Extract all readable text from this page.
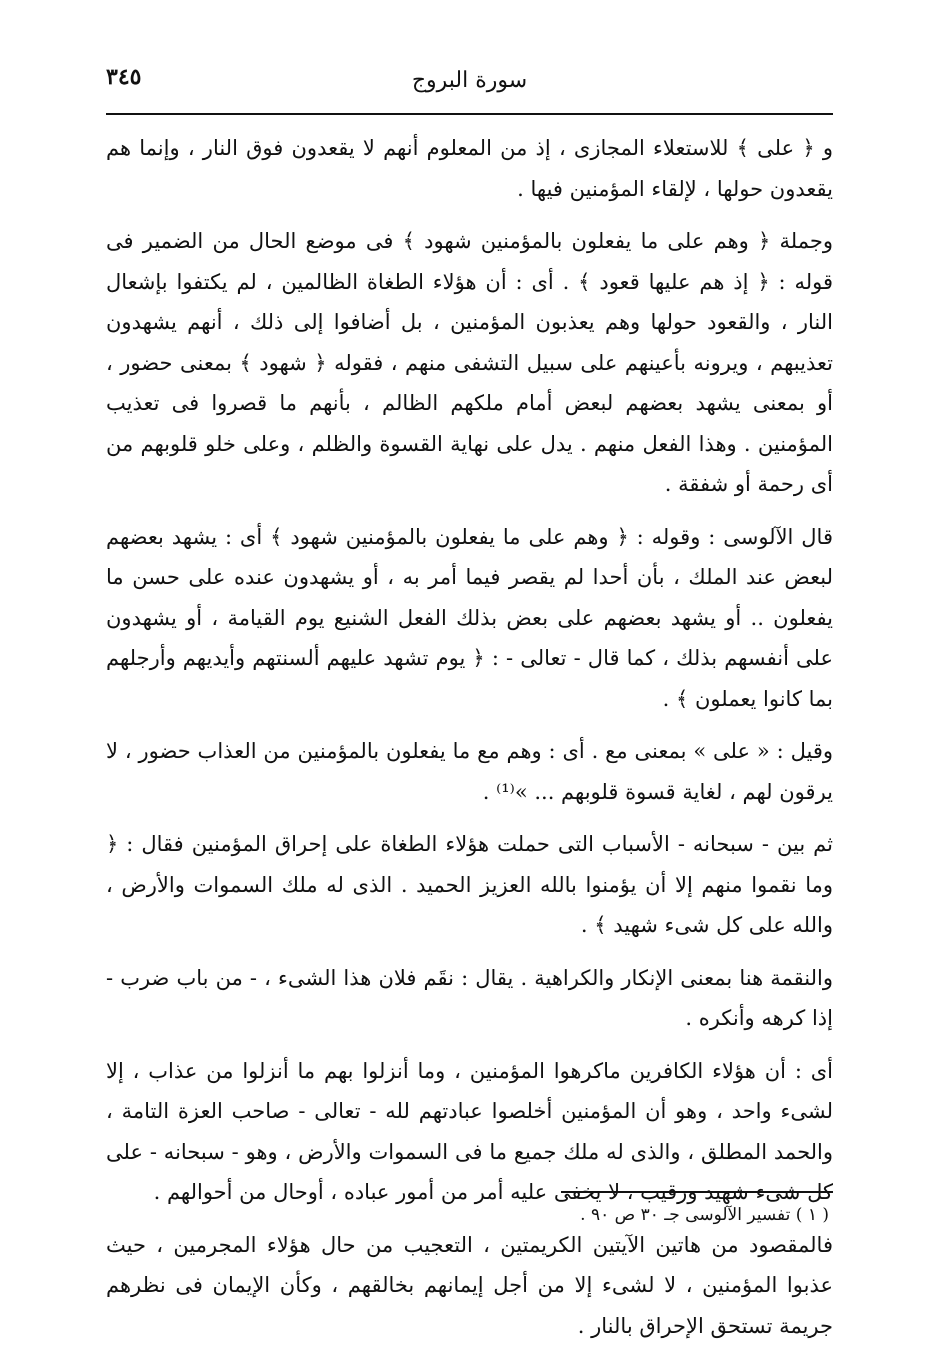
سورة البروج
٣٤٥

و ﴿ على ﴾ للاستعلاء المجازى ، إذ من المعلوم أنهم لا يقعدون فوق النار ، وإنما هم يقعدون حولها ، لإلقاء المؤمنين فيها .

وجملة ﴿ وهم على ما يفعلون بالمؤمنين شهود ﴾ فى موضع الحال من الضمير فى قوله : ﴿ إذ هم عليها قعود ﴾ . أى : أن هؤلاء الطغاة الظالمين ، لم يكتفوا بإشعال النار ، والقعود حولها وهم يعذبون المؤمنين ، بل أضافوا إلى ذلك ، أنهم يشهدون تعذيبهم ، ويرونه بأعينهم على سبيل التشفى منهم ، فقوله ﴿ شهود ﴾ بمعنى حضور ، أو بمعنى يشهد بعضهم لبعض أمام ملكهم الظالم ، بأنهم ما قصروا فى تعذيب المؤمنين . وهذا الفعل منهم . يدل على نهاية القسوة والظلم ، وعلى خلو قلوبهم من أى رحمة أو شفقة .

قال الآلوسى : وقوله : ﴿ وهم على ما يفعلون بالمؤمنين شهود ﴾ أى : يشهد بعضهم لبعض عند الملك ، بأن أحدا لم يقصر فيما أمر به ، أو يشهدون عنده على حسن ما يفعلون .. أو يشهد بعضهم على بعض بذلك الفعل الشنيع يوم القيامة ، أو يشهدون على أنفسهم بذلك ، كما قال - تعالى - : ﴿ يوم تشهد عليهم ألسنتهم وأيديهم وأرجلهم بما كانوا يعملون ﴾ .

وقيل : « على » بمعنى مع . أى : وهم مع ما يفعلون بالمؤمنين من العذاب حضور ، لا يرقون لهم ، لغاية قسوة قلوبهم ... »⁽¹⁾ .

ثم بين - سبحانه - الأسباب التى حملت هؤلاء الطغاة على إحراق المؤمنين فقال : ﴿ وما نقموا منهم إلا أن يؤمنوا بالله العزيز الحميد . الذى له ملك السموات والأرض ، والله على كل شىء شهيد ﴾ .

والنقمة هنا بمعنى الإنكار والكراهية . يقال : نقَم فلان هذا الشىء ، - من باب ضرب - إذا كرهه وأنكره .

أى : أن هؤلاء الكافرين ماكرهوا المؤمنين ، وما أنزلوا بهم ما أنزلوا من عذاب ، إلا لشىء واحد ، وهو أن المؤمنين أخلصوا عبادتهم لله - تعالى - صاحب العزة التامة ، والحمد المطلق ، والذى له ملك جميع ما فى السموات والأرض ، وهو - سبحانه - على كل شىء شهيد ورقيب ، لا يخفى عليه أمر من أمور عباده ، أوحال من أحوالهم .

فالمقصود من هاتين الآيتين الكريمتين ، التعجيب من حال هؤلاء المجرمين ، حيث عذبوا المؤمنين ، لا لشىء إلا من أجل إيمانهم بخالقهم ، وكأن الإيمان فى نظرهم جريمة تستحق الإحراق بالنار .

( ١ ) تفسير الآلوسى جـ ٣٠ ص ٩٠ .
